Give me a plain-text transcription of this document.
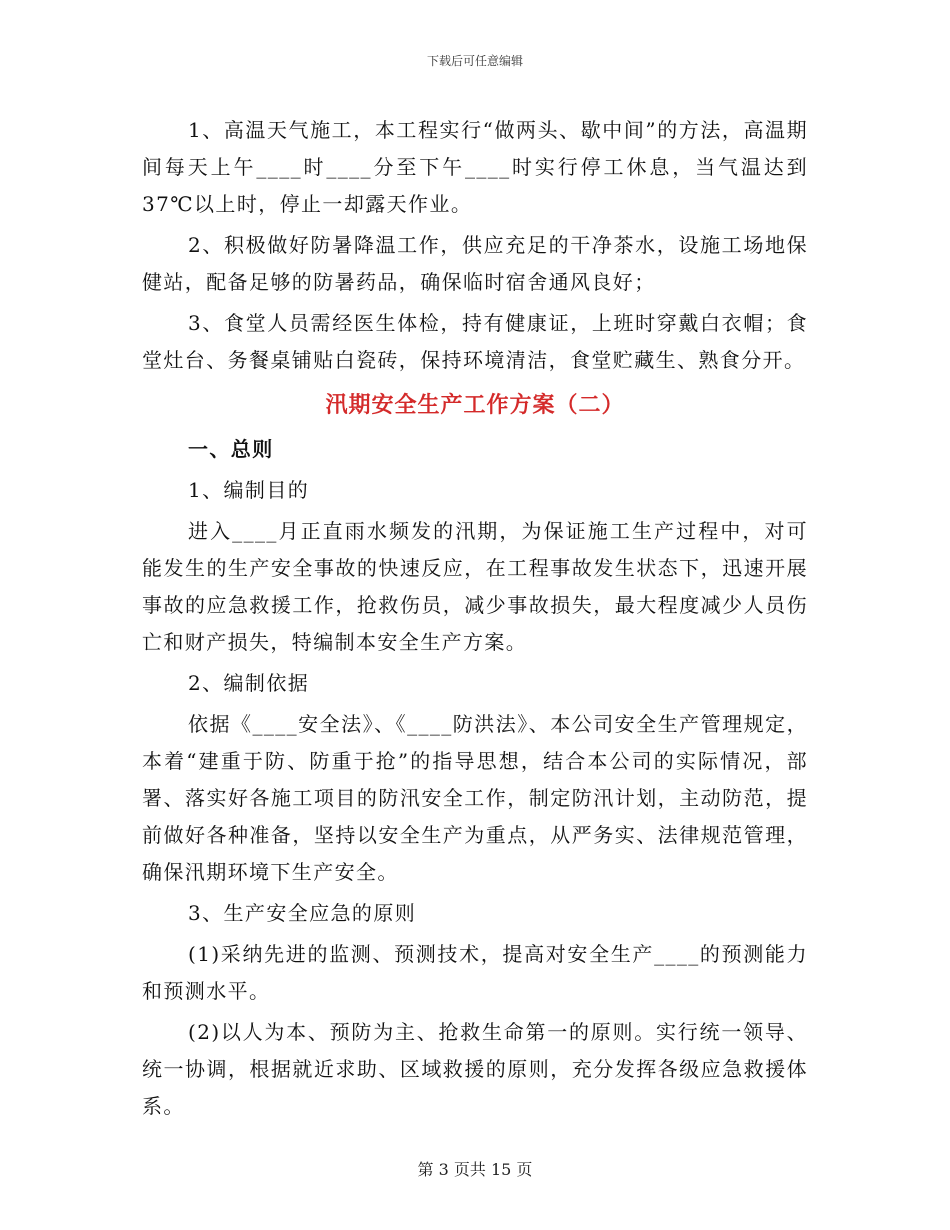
下载后可任意编辑

1、高温天气施工，本工程实行“做两头、歇中间”的方法，高温期间每天上午____时____分至下午____时实行停工休息，当气温达到37℃以上时，停止一却露天作业。

2、积极做好防暑降温工作，供应充足的干净茶水，设施工场地保健站，配备足够的防暑药品，确保临时宿舍通风良好；

3、食堂人员需经医生体检，持有健康证，上班时穿戴白衣帽；食堂灶台、务餐桌铺贴白瓷砖，保持环境清洁，食堂贮藏生、熟食分开。

汛期安全生产工作方案（二）

一、总则

1、编制目的

进入____月正直雨水频发的汛期，为保证施工生产过程中，对可能发生的生产安全事故的快速反应，在工程事故发生状态下，迅速开展事故的应急救援工作，抢救伤员，减少事故损失，最大程度减少人员伤亡和财产损失，特编制本安全生产方案。

2、编制依据

依据《____安全法》、《____防洪法》、本公司安全生产管理规定，本着“建重于防、防重于抢”的指导思想，结合本公司的实际情况，部署、落实好各施工项目的防汛安全工作，制定防汛计划，主动防范，提前做好各种准备，坚持以安全生产为重点，从严务实、法律规范管理，确保汛期环境下生产安全。

3、生产安全应急的原则

(1)采纳先进的监测、预测技术，提高对安全生产____的预测能力和预测水平。

(2)以人为本、预防为主、抢救生命第一的原则。实行统一领导、统一协调，根据就近求助、区域救援的原则，充分发挥各级应急救援体系。

第 3 页共 15 页
